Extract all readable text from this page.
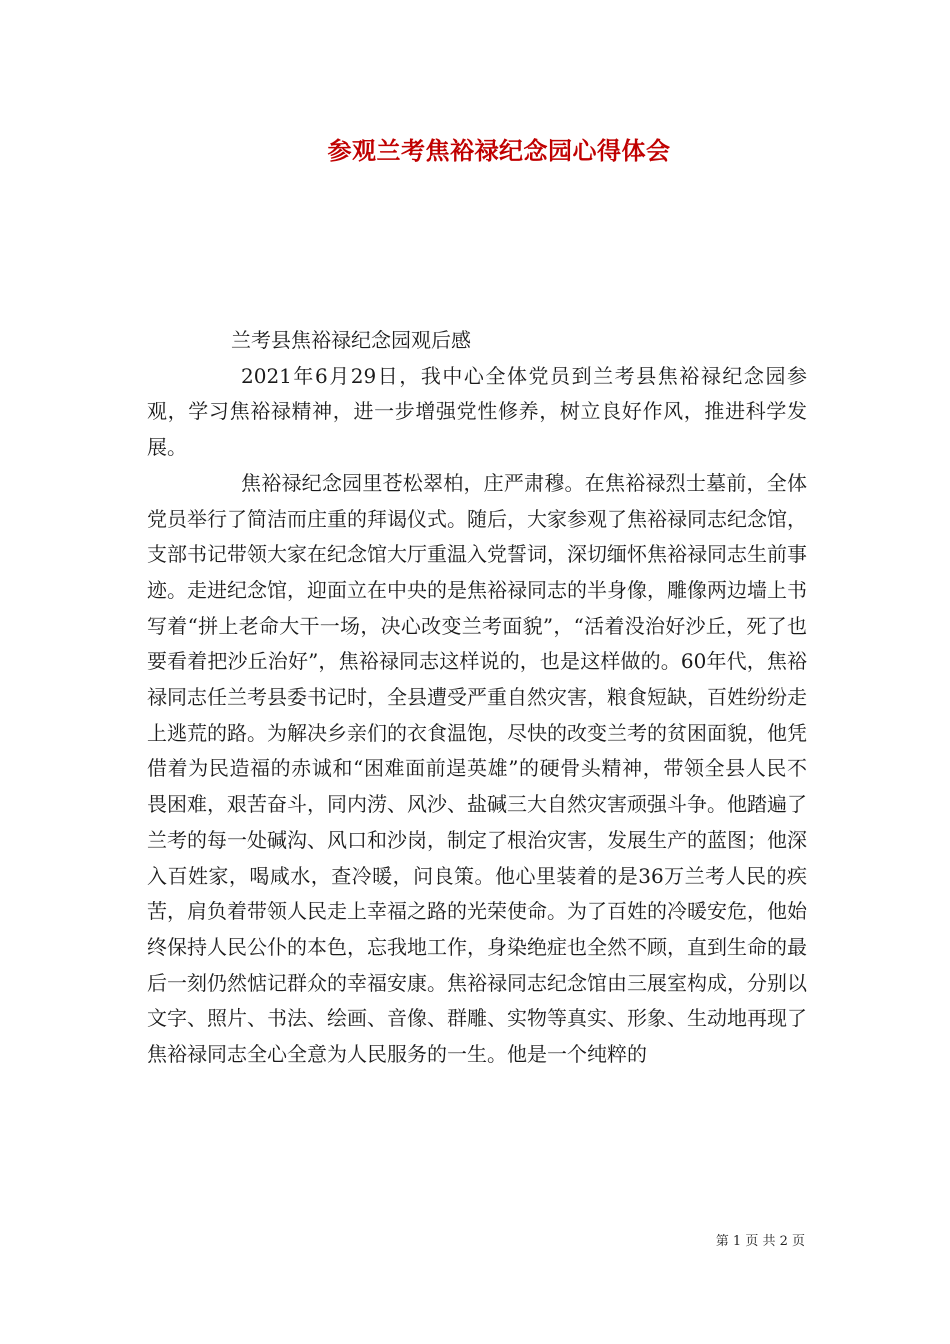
参观兰考焦裕禄纪念园心得体会

兰考县焦裕禄纪念园观后感

2021年6月29日，我中心全体党员到兰考县焦裕禄纪念园参观，学习焦裕禄精神，进一步增强党性修养，树立良好作风，推进科学发展。

焦裕禄纪念园里苍松翠柏，庄严肃穆。在焦裕禄烈士墓前，全体党员举行了简洁而庄重的拜谒仪式。随后，大家参观了焦裕禄同志纪念馆，支部书记带领大家在纪念馆大厅重温入党誓词，深切缅怀焦裕禄同志生前事迹。走进纪念馆，迎面立在中央的是焦裕禄同志的半身像，雕像两边墙上书写着“拼上老命大干一场，决心改变兰考面貌”，“活着没治好沙丘，死了也要看着把沙丘治好”，焦裕禄同志这样说的，也是这样做的。60年代，焦裕禄同志任兰考县委书记时，全县遭受严重自然灾害，粮食短缺，百姓纷纷走上逃荒的路。为解决乡亲们的衣食温饱，尽快的改变兰考的贫困面貌，他凭借着为民造福的赤诚和“困难面前逞英雄”的硬骨头精神，带领全县人民不畏困难，艰苦奋斗，同内涝、风沙、盐碱三大自然灾害顽强斗争。他踏遍了兰考的每一处碱沟、风口和沙岗，制定了根治灾害，发展生产的蓝图；他深入百姓家，喝咸水，查冷暖，问良策。他心里装着的是36万兰考人民的疾苦，肩负着带领人民走上幸福之路的光荣使命。为了百姓的冷暖安危，他始终保持人民公仆的本色，忘我地工作，身染绝症也全然不顾，直到生命的最后一刻仍然惦记群众的幸福安康。焦裕禄同志纪念馆由三展室构成，分别以文字、照片、书法、绘画、音像、群雕、实物等真实、形象、生动地再现了焦裕禄同志全心全意为人民服务的一生。他是一个纯粹的

第 1 页 共 2 页
